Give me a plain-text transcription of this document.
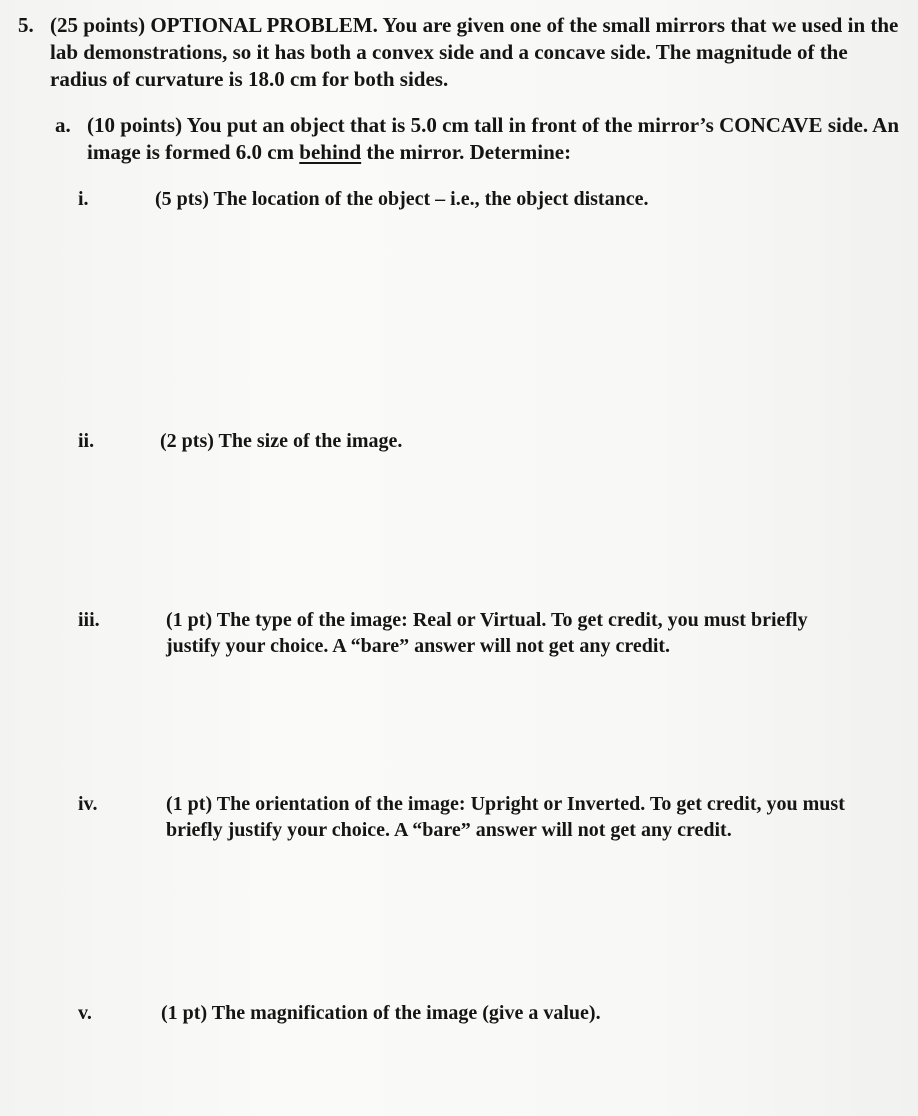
5. (25 points) OPTIONAL PROBLEM. You are given one of the small mirrors that we used in the lab demonstrations, so it has both a convex side and a concave side. The magnitude of the radius of curvature is 18.0 cm for both sides.
a. (10 points) You put an object that is 5.0 cm tall in front of the mirror’s CONCAVE side. An image is formed 6.0 cm behind the mirror. Determine:
i.	(5 pts) The location of the object – i.e., the object distance.
ii.	(2 pts) The size of the image.
iii.	(1 pt) The type of the image: Real or Virtual. To get credit, you must briefly justify your choice. A “bare” answer will not get any credit.
iv.	(1 pt) The orientation of the image: Upright or Inverted. To get credit, you must briefly justify your choice. A “bare” answer will not get any credit.
v.	(1 pt) The magnification of the image (give a value).
